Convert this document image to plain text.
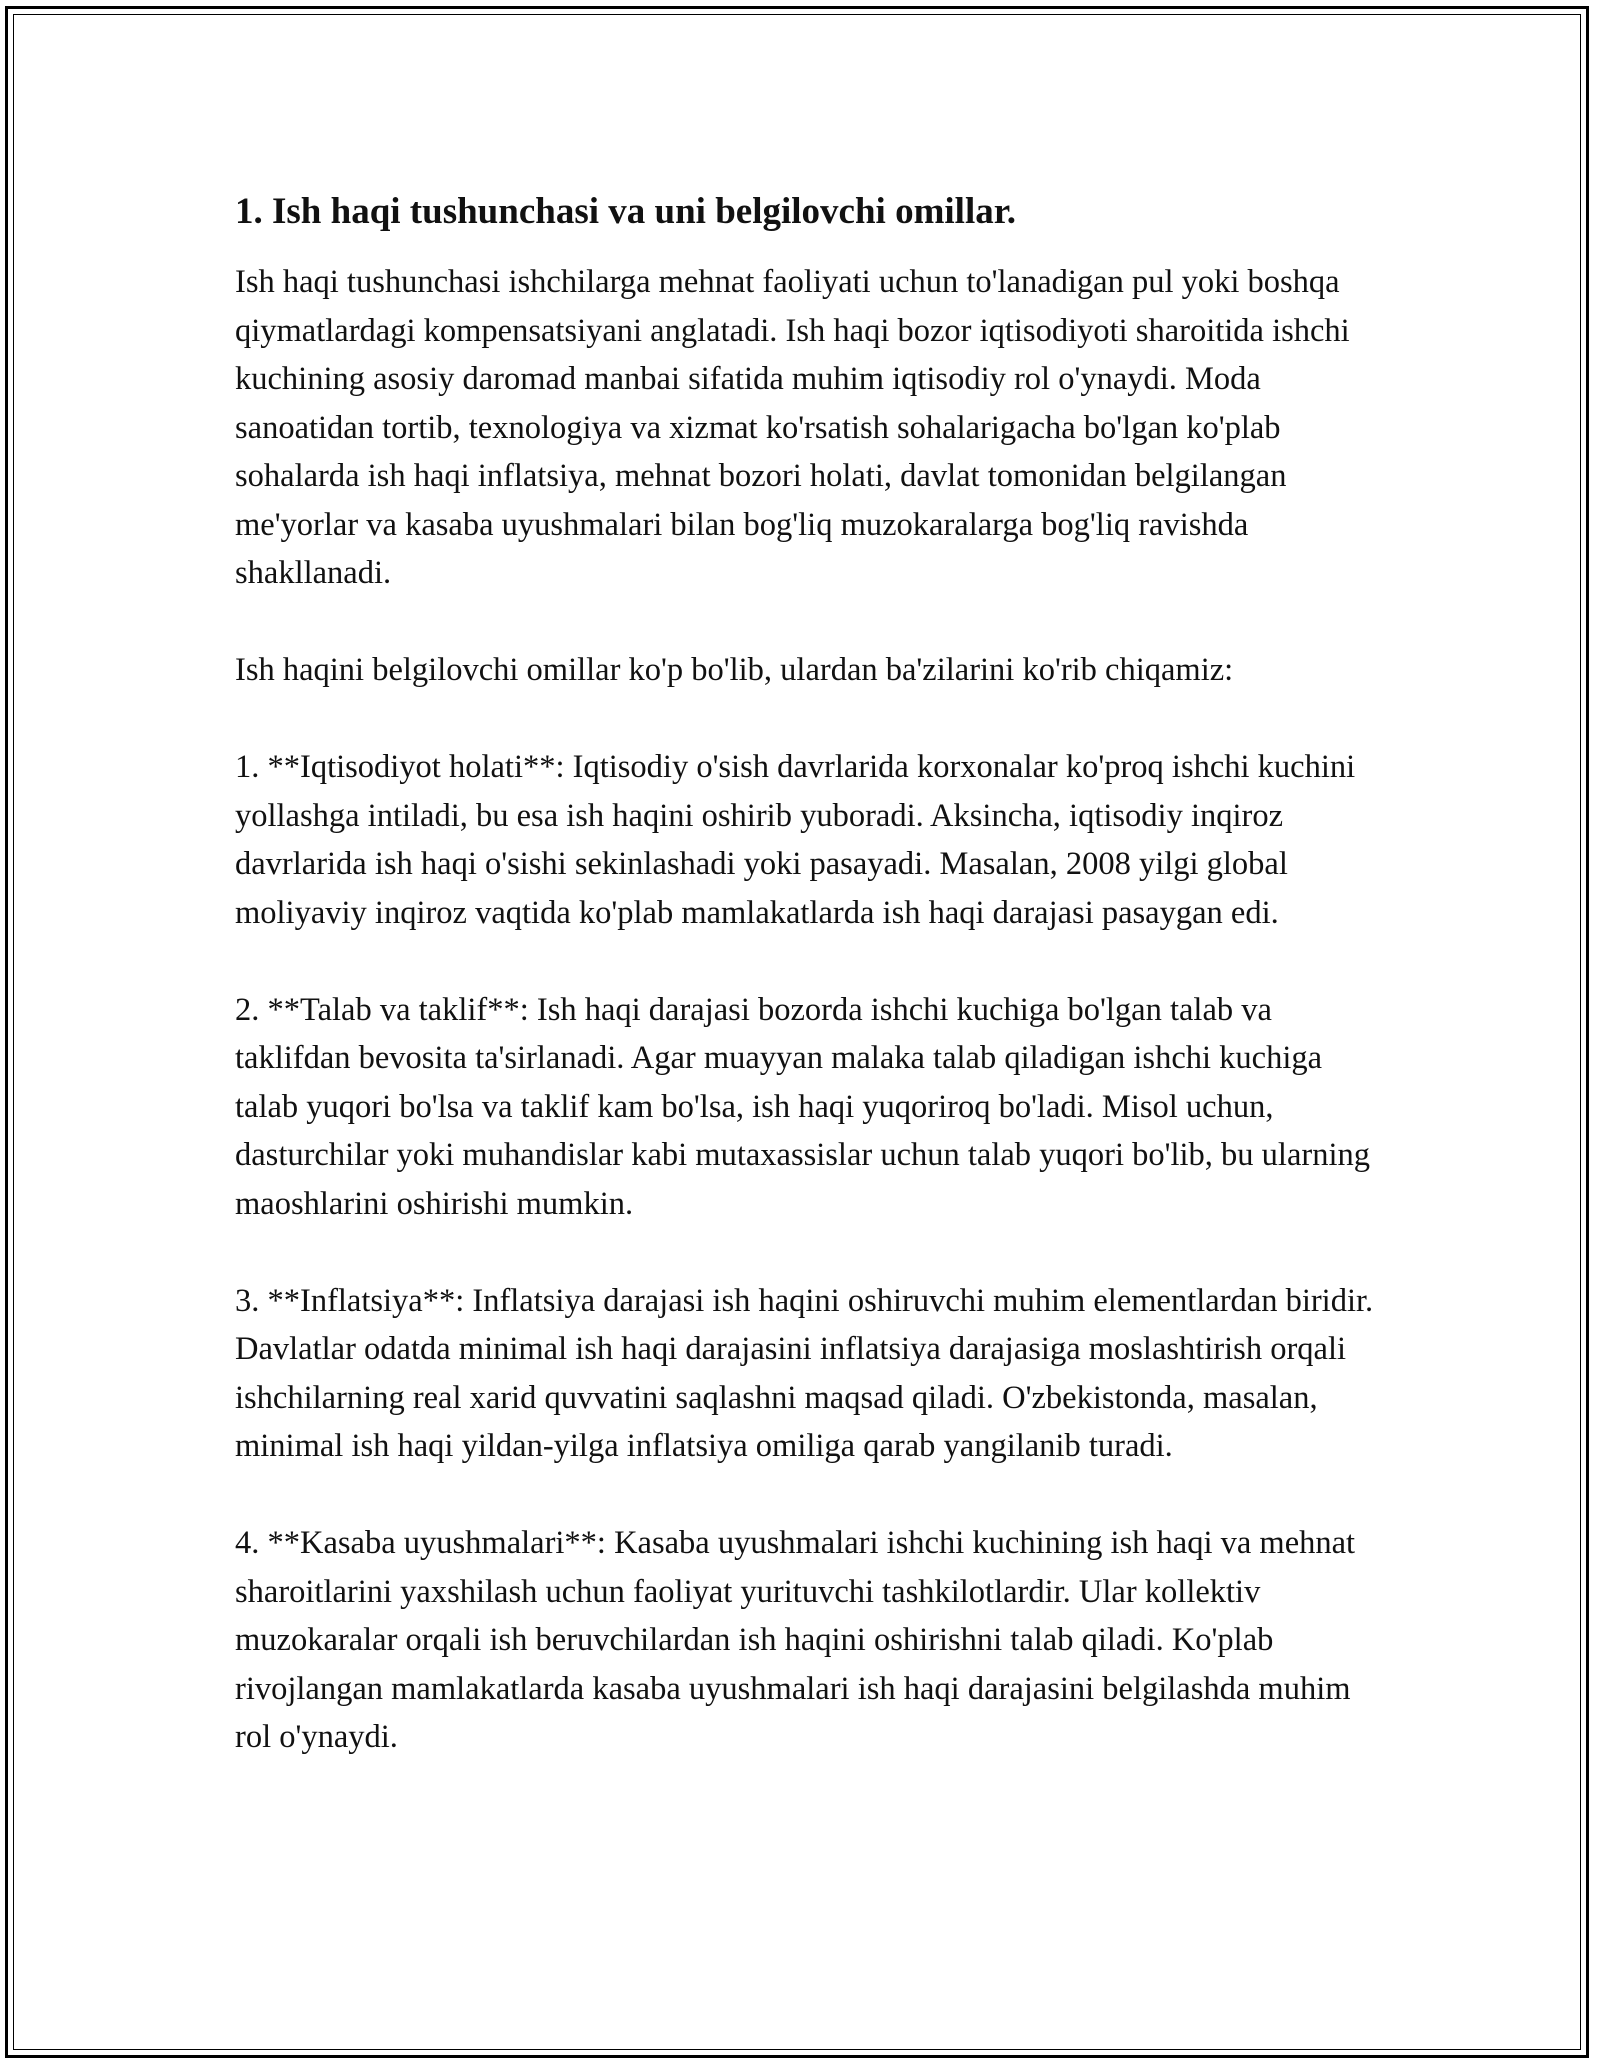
1. Ish haqi tushunchasi va uni belgilovchi omillar.

Ish haqi tushunchasi ishchilarga mehnat faoliyati uchun to'lanadigan pul yoki boshqa qiymatlardagi kompensatsiyani anglatadi. Ish haqi bozor iqtisodiyoti sharoitida ishchi kuchining asosiy daromad manbai sifatida muhim iqtisodiy rol o'ynaydi. Moda sanoatidan tortib, texnologiya va xizmat ko'rsatish sohalarigacha bo'lgan ko'plab sohalarda ish haqi inflatsiya, mehnat bozori holati, davlat tomonidan belgilangan me'yorlar va kasaba uyushmalari bilan bog'liq muzokaralarga bog'liq ravishda shakllanadi.

Ish haqini belgilovchi omillar ko'p bo'lib, ulardan ba'zilarini ko'rib chiqamiz:

1. **Iqtisodiyot holati**: Iqtisodiy o'sish davrlarida korxonalar ko'proq ishchi kuchini yollashga intiladi, bu esa ish haqini oshirib yuboradi. Aksincha, iqtisodiy inqiroz davrlarida ish haqi o'sishi sekinlashadi yoki pasayadi. Masalan, 2008 yilgi global moliyaviy inqiroz vaqtida ko'plab mamlakatlarda ish haqi darajasi pasaygan edi.

2. **Talab va taklif**: Ish haqi darajasi bozorda ishchi kuchiga bo'lgan talab va taklifdan bevosita ta'sirlanadi. Agar muayyan malaka talab qiladigan ishchi kuchiga talab yuqori bo'lsa va taklif kam bo'lsa, ish haqi yuqoriroq bo'ladi. Misol uchun, dasturchilar yoki muhandislar kabi mutaxassislar uchun talab yuqori bo'lib, bu ularning maoshlarini oshirishi mumkin.

3. **Inflatsiya**: Inflatsiya darajasi ish haqini oshiruvchi muhim elementlardan biridir. Davlatlar odatda minimal ish haqi darajasini inflatsiya darajasiga moslashtirish orqali ishchilarning real xarid quvvatini saqlashni maqsad qiladi. O'zbekistonda, masalan, minimal ish haqi yildan-yilga inflatsiya omiliga qarab yangilanib turadi.

4. **Kasaba uyushmalari**: Kasaba uyushmalari ishchi kuchining ish haqi va mehnat sharoitlarini yaxshilash uchun faoliyat yurituvchi tashkilotlardir. Ular kollektiv muzokaralar orqali ish beruvchilardan ish haqini oshirishni talab qiladi. Ko'plab rivojlangan mamlakatlarda kasaba uyushmalari ish haqi darajasini belgilashda muhim rol o'ynaydi.
